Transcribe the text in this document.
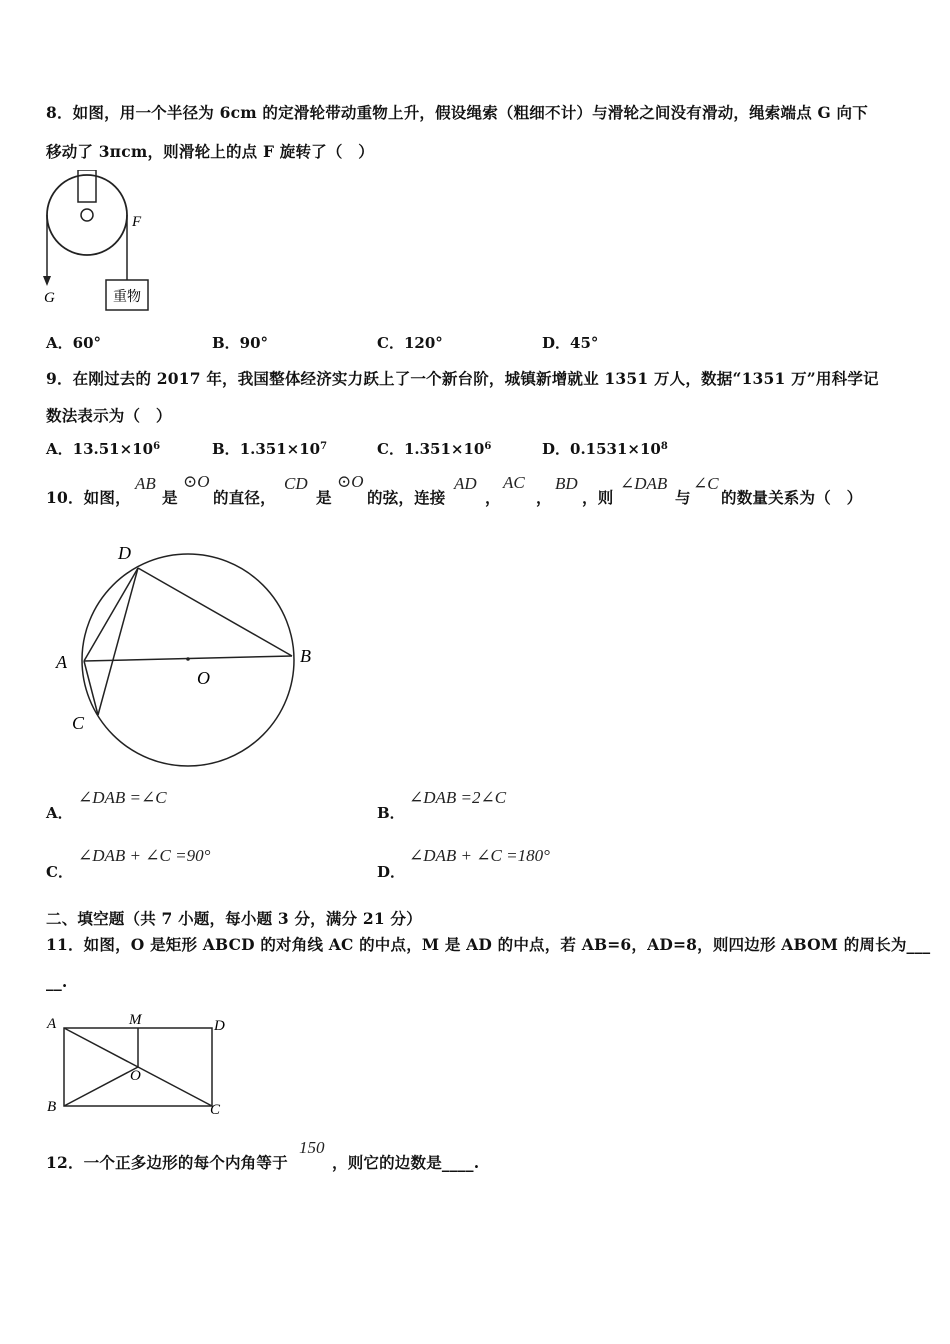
8．如图，用一个半径为 6cm 的定滑轮带动重物上升，假设绳索（粗细不计）与滑轮之间没有滑动，绳索端点 G 向下
移动了 3πcm，则滑轮上的点 F 旋转了（　）
重物
F
G
A．60°	B．90°	C．120°	D．45°
9．在刚过去的 2017 年，我国整体经济实力跃上了一个新台阶，城镇新增就业 1351 万人，数据“1351 万”用科学记
数法表示为（　）
A．$13.51\times 10^6$	B．$1.351\times 10^7$	C．$1.351\times 10^6$	D．$0.1531\times 10^8$
10．如图，
AB
是
⊙O
的直径，
CD
是
⊙O
的弦，连接
AD
，
AC
，
BD
，则
∠DAB
与
∠C
的数量关系为（　）
D
A	B
C
O
A．
∠DAB =∠C
B．
∠DAB =2∠C
C．
∠DAB + ∠C =90°
D．
∠DAB + ∠C =180°
二、填空题（共 7 小题，每小题 3 分，满分 21 分）
11．如图，O 是矩形 ABCD 的对角线 AC 的中点，M 是 AD 的中点，若 AB=6，AD=8，则四边形 ABOM 的周长为___
__.
A	M	D
O
B	C
12．一个正多边形的每个内角等于
150
，则它的边数是____.
